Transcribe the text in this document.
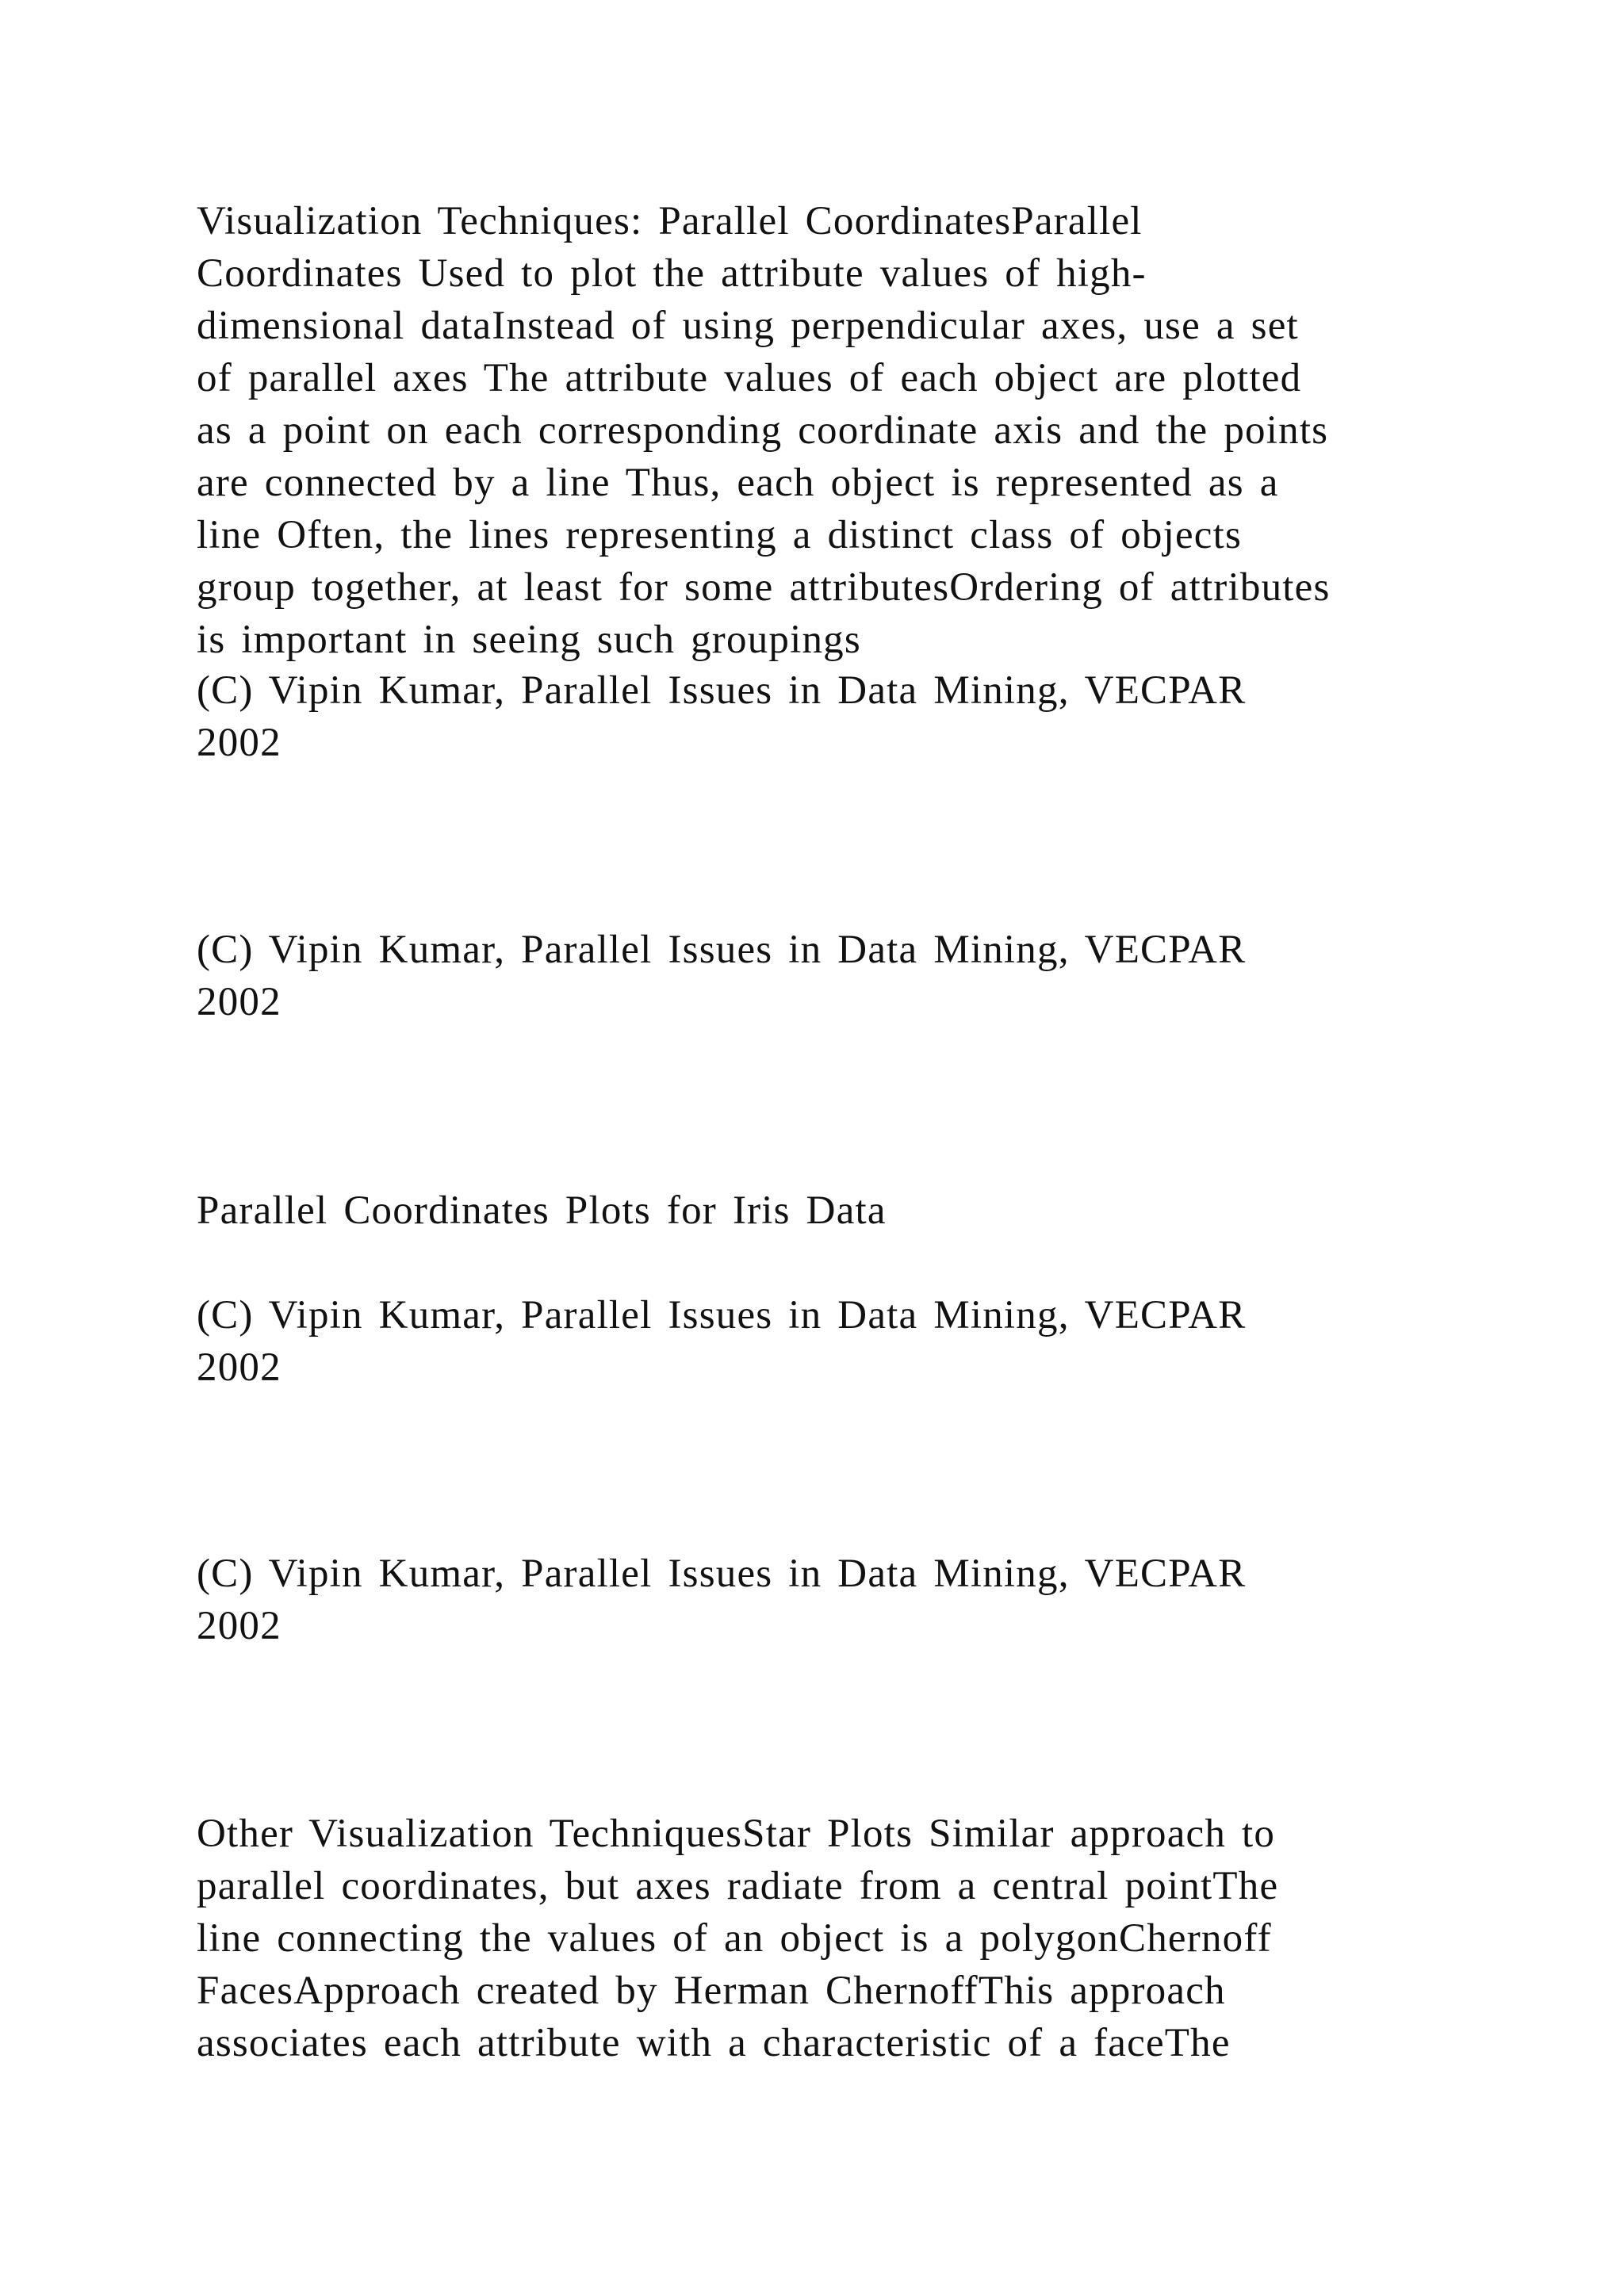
Visualization Techniques: Parallel CoordinatesParallel
Coordinates Used to plot the attribute values of high-
dimensional dataInstead of using perpendicular axes, use a set
of parallel axes The attribute values of each object are plotted
as a point on each corresponding coordinate axis and the points
are connected by a line Thus, each object is represented as a
line Often, the lines representing a distinct class of objects
group together, at least for some attributesOrdering of attributes
is important in seeing such groupings

(C) Vipin Kumar, Parallel Issues in Data Mining, VECPAR
2002

(C) Vipin Kumar, Parallel Issues in Data Mining, VECPAR
2002

Parallel Coordinates Plots for Iris Data

(C) Vipin Kumar, Parallel Issues in Data Mining, VECPAR
2002

(C) Vipin Kumar, Parallel Issues in Data Mining, VECPAR
2002

Other Visualization TechniquesStar Plots Similar approach to
parallel coordinates, but axes radiate from a central pointThe
line connecting the values of an object is a polygonChernoff
FacesApproach created by Herman ChernoffThis approach
associates each attribute with a characteristic of a faceThe
